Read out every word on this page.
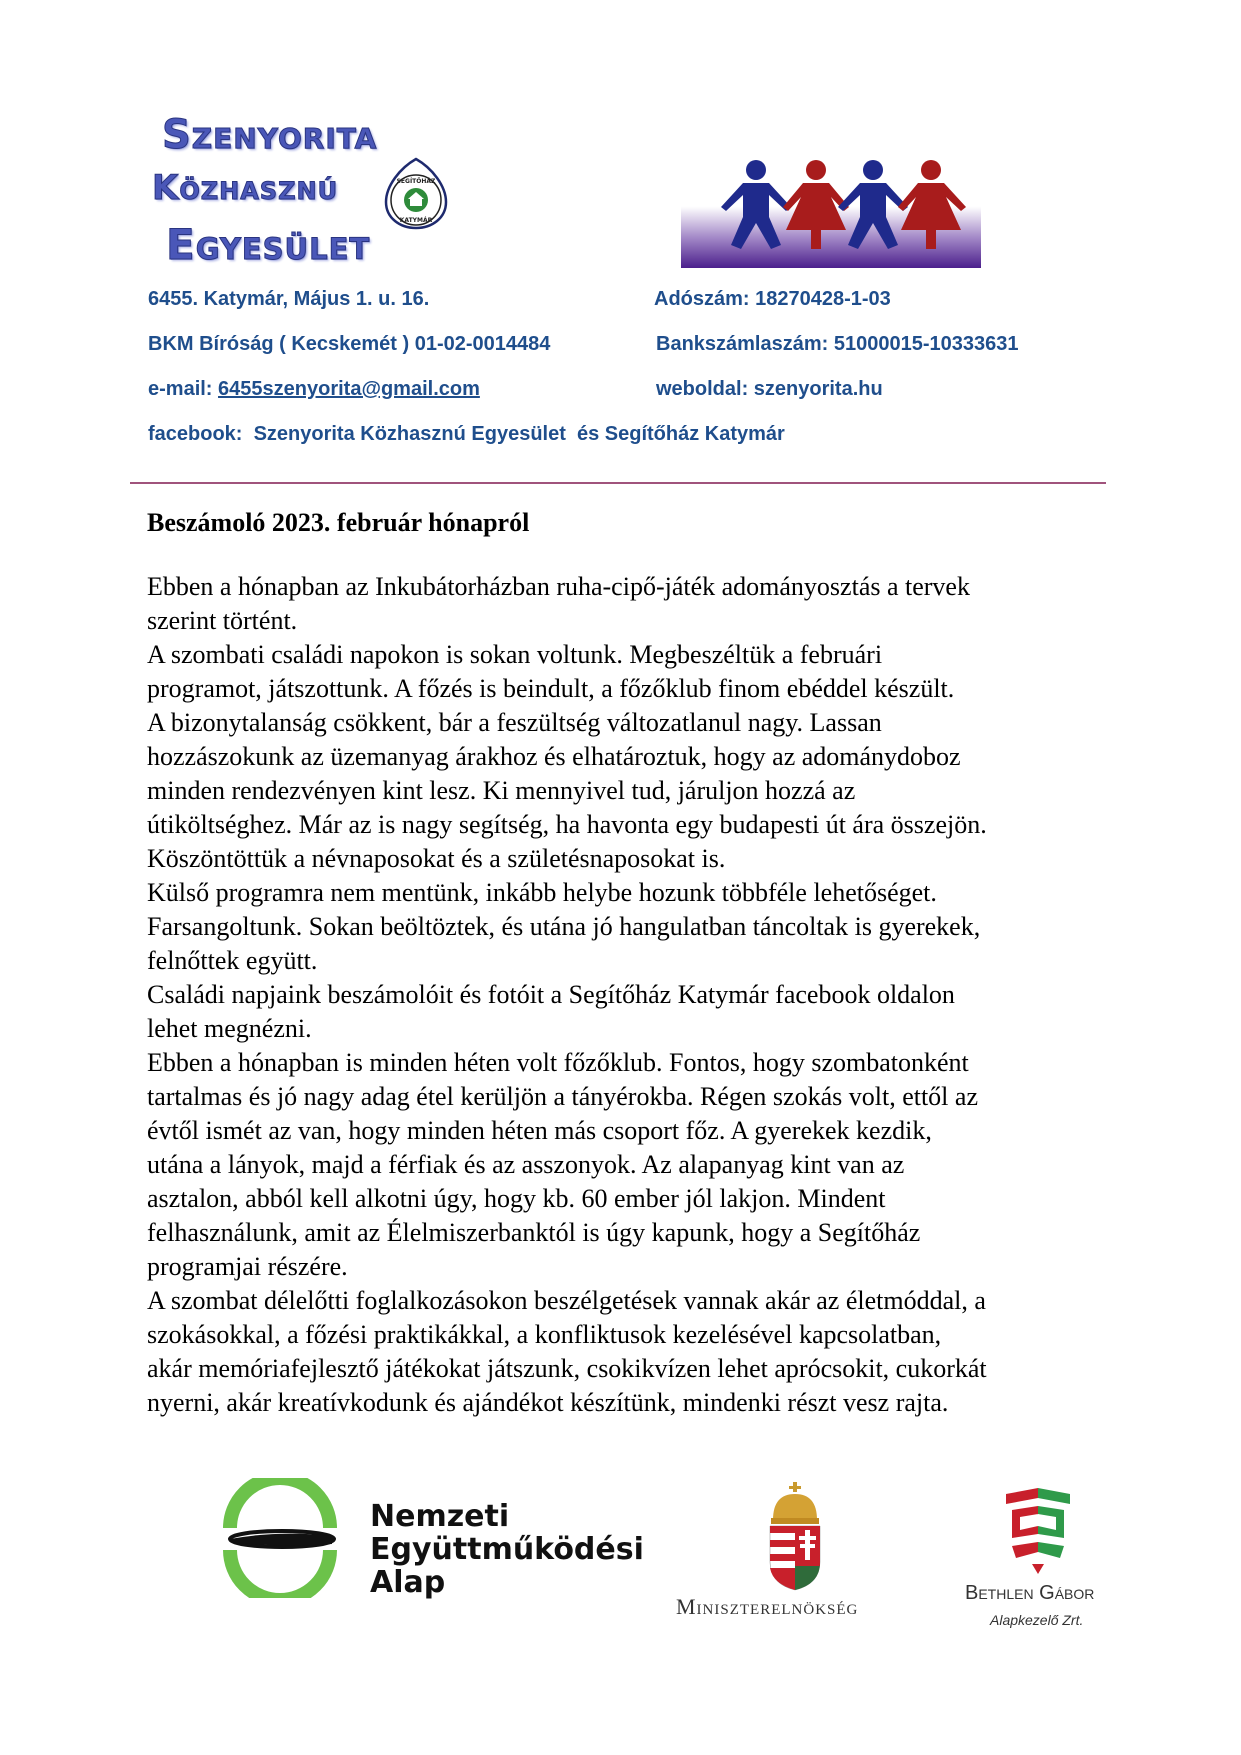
Szenyorita
Közhasznú
Egyesület
SEGÍTŐHÁZ
KATYMÁR
6455. Katymár, Május 1. u. 16.	Adószám: 18270428-1-03
BKM Bíróság ( Kecskemét ) 01-02-0014484	Bankszámlaszám: 51000015-10333631
e-mail: 6455szenyorita@gmail.com	weboldal: szenyorita.hu
facebook:  Szenyorita Közhasznú Egyesület  és Segítőház Katymár
Beszámoló 2023. február hónapról

Ebben a hónapban az Inkubátorházban ruha-cipő-játék adományosztás a tervek

szerint történt.

A szombati családi napokon is sokan voltunk. Megbeszéltük a februári

programot, játszottunk. A főzés is beindult, a főzőklub finom ebéddel készült.

A bizonytalanság csökkent, bár a feszültség változatlanul nagy. Lassan

hozzászokunk az üzemanyag árakhoz és elhatároztuk, hogy az adománydoboz

minden rendezvényen kint lesz. Ki mennyivel tud, járuljon hozzá az

útiköltséghez. Már az is nagy segítség, ha havonta egy budapesti út ára összejön.

Köszöntöttük a névnaposokat és a születésnaposokat is.

Külső programra nem mentünk, inkább helybe hozunk többféle lehetőséget.

Farsangoltunk. Sokan beöltöztek, és utána jó hangulatban táncoltak is gyerekek,

felnőttek együtt.

Családi napjaink beszámolóit és fotóit a Segítőház Katymár facebook oldalon

lehet megnézni.

Ebben a hónapban is minden héten volt főzőklub. Fontos, hogy szombatonként

tartalmas és jó nagy adag étel kerüljön a tányérokba. Régen szokás volt, ettől az

évtől ismét az van, hogy minden héten más csoport főz. A gyerekek kezdik,

utána a lányok, majd a férfiak és az asszonyok. Az alapanyag kint van az

asztalon, abból kell alkotni úgy, hogy kb. 60 ember jól lakjon. Mindent

felhasználunk, amit az Élelmiszerbanktól is úgy kapunk, hogy a Segítőház

programjai részére.

A szombat délelőtti foglalkozásokon beszélgetések vannak akár az életmóddal, a

szokásokkal, a főzési praktikákkal, a konfliktusok kezelésével kapcsolatban,

akár memóriafejlesztő játékokat játszunk, csokikvízen lehet aprócsokit, cukorkát

nyerni, akár kreatívkodunk és ajándékot készítünk, mindenki részt vesz rajta.

Nemzeti
Együttműködési
Alap
Miniszterelnökség
Bethlen Gábor
Alapkezelő Zrt.
